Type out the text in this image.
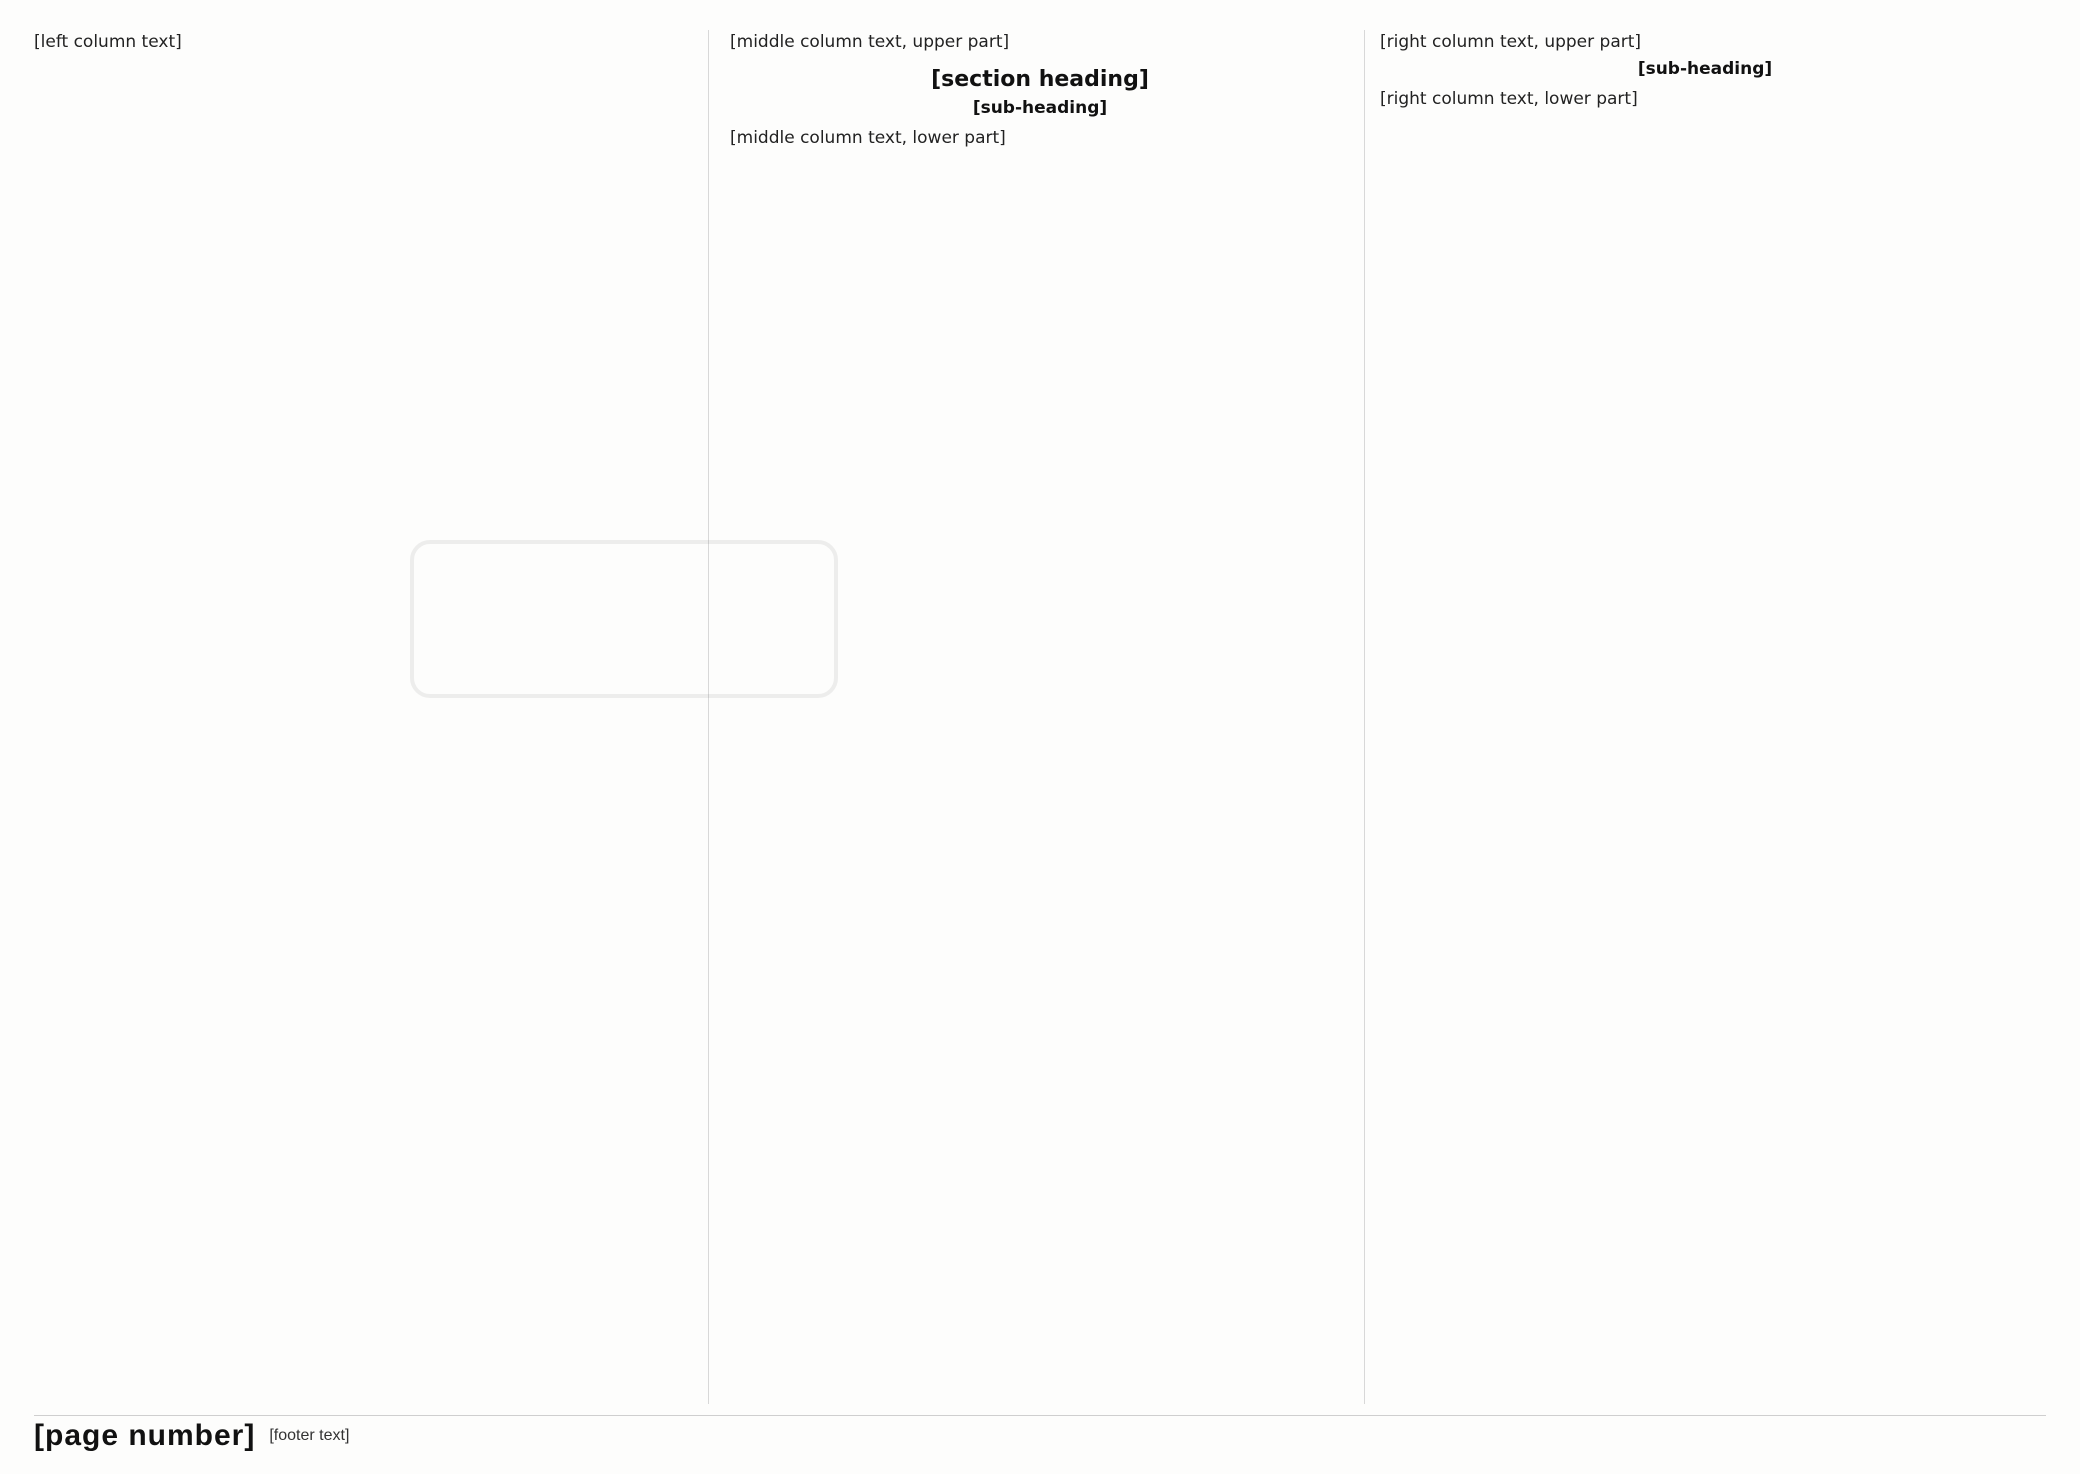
[left column text]	[middle column text, upper part]

[section heading]
[sub-heading]

[middle column text, lower part]

[right column text, upper part]

[sub-heading]

[right column text, lower part]

[page number] [footer text]
